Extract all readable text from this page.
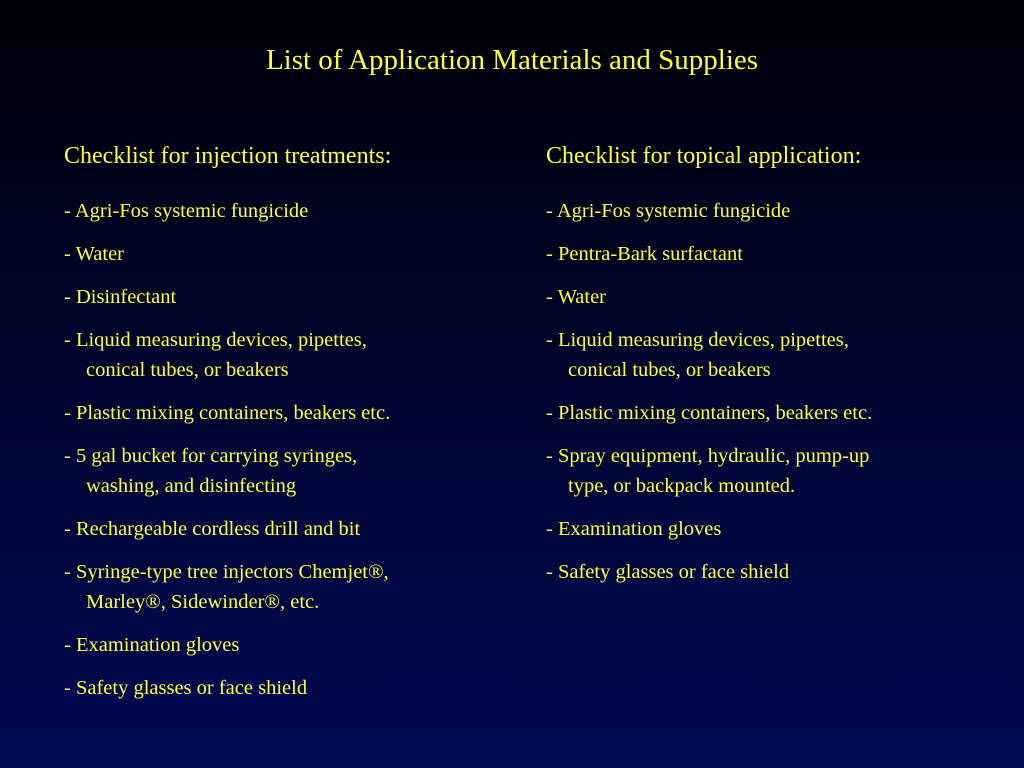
List of Application Materials and Supplies
Checklist for injection treatments:
- Agri-Fos systemic fungicide
- Water
- Disinfectant
- Liquid measuring devices, pipettes,
conical tubes, or beakers
- Plastic mixing containers, beakers etc.
- 5 gal bucket for carrying syringes,
washing, and disinfecting
- Rechargeable cordless drill and bit
- Syringe-type tree injectors Chemjet®,
Marley®, Sidewinder®, etc.
- Examination gloves
- Safety glasses or face shield
Checklist for topical application:
- Agri-Fos systemic fungicide
- Pentra-Bark surfactant
- Water
- Liquid measuring devices, pipettes,
conical tubes, or beakers
- Plastic mixing containers, beakers etc.
- Spray equipment, hydraulic, pump-up
type, or backpack mounted.
- Examination gloves
- Safety glasses or face shield
